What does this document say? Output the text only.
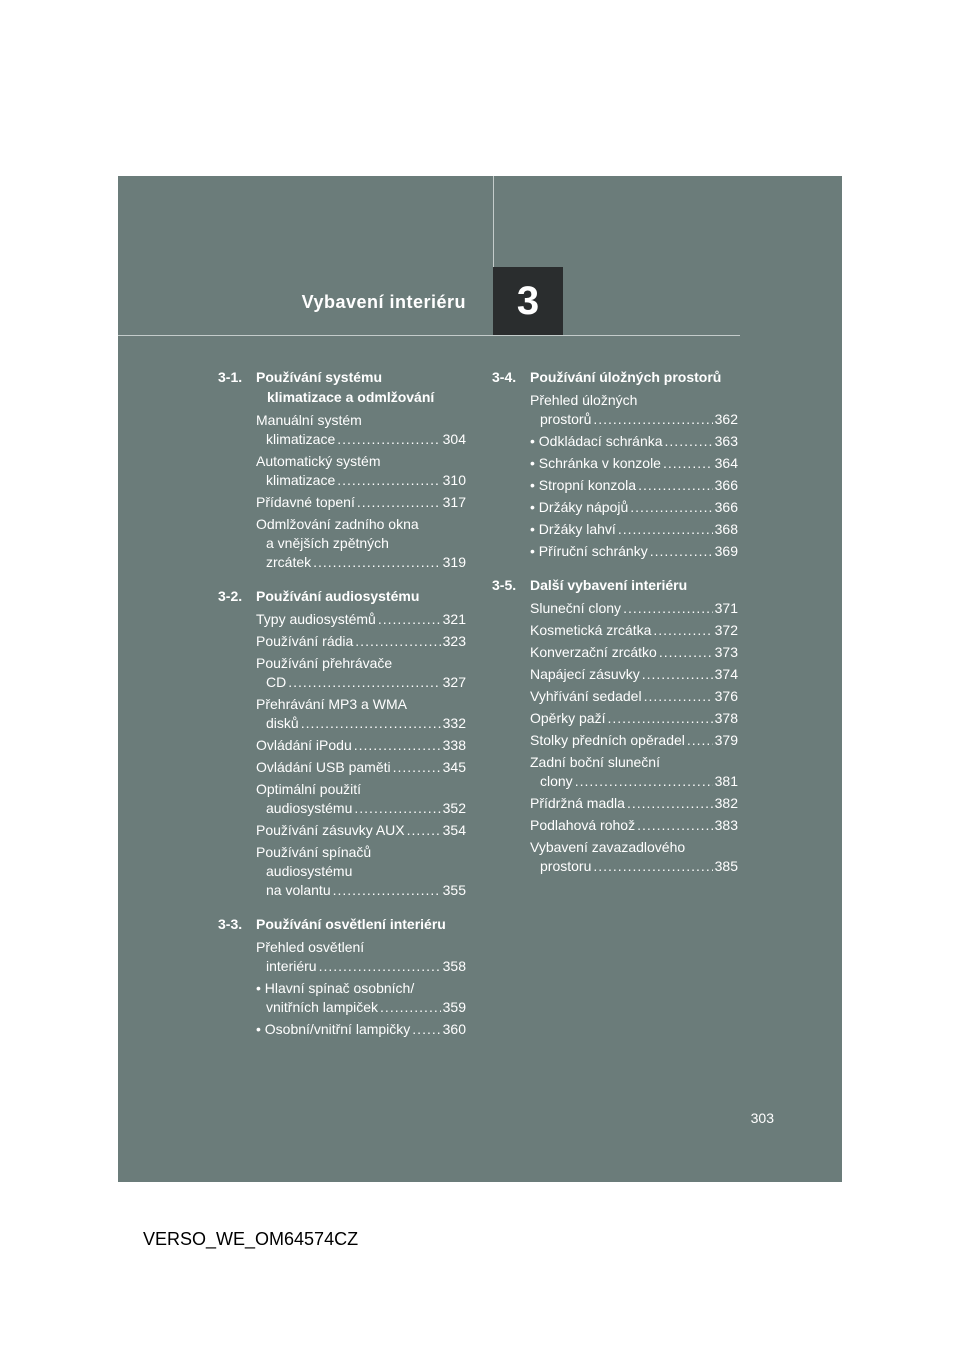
Vybavení interiéru	3
3-1. Používání systému
klimatizace a odmlžování
Manuální systém
klimatizace .....	304
Automatický systém
klimatizace .....	310
Přídavné topení .....	317
Odmlžování zadního okna
a vnějších zpětných
zrcátek .....	319
3-2. Používání audiosystému
Typy audiosystémů .....	321
Používání rádia .....	323
Používání přehrávače
CD .....	327
Přehrávání MP3 a WMA
disků .....	332
Ovládání iPodu .....	338
Ovládání USB paměti .....	345
Optimální použití
audiosystému .....	352
Používání zásuvky AUX .....	354
Používání spínačů
audiosystému
na volantu .....	355
3-3. Používání osvětlení interiéru
Přehled osvětlení
interiéru .....	358
• Hlavní spínač osobních/
vnitřních lampiček .....	359
• Osobní/vnitřní lampičky ..... 360
3-4. Používání úložných prostorů
Přehled úložných
prostorů .....	362
• Odkládací schránka .....	363
• Schránka v konzole .....	364
• Stropní konzola .....	366
• Držáky nápojů .....	366
• Držáky lahví .....	368
• Příruční schránky .....	369
3-5. Další vybavení interiéru
Sluneční clony .....	371
Kosmetická zrcátka .....	372
Konverzační zrcátko .....	373
Napájecí zásuvky .....	374
Vyhřívání sedadel .....	376
Opěrky paží .....	378
Stolky předních opěradel ..... 379
Zadní boční sluneční
clony .....	381
Přídržná madla .....	382
Podlahová rohož .....	383
Vybavení zavazadlového
prostoru .....	385
303
VERSO_WE_OM64574CZ
